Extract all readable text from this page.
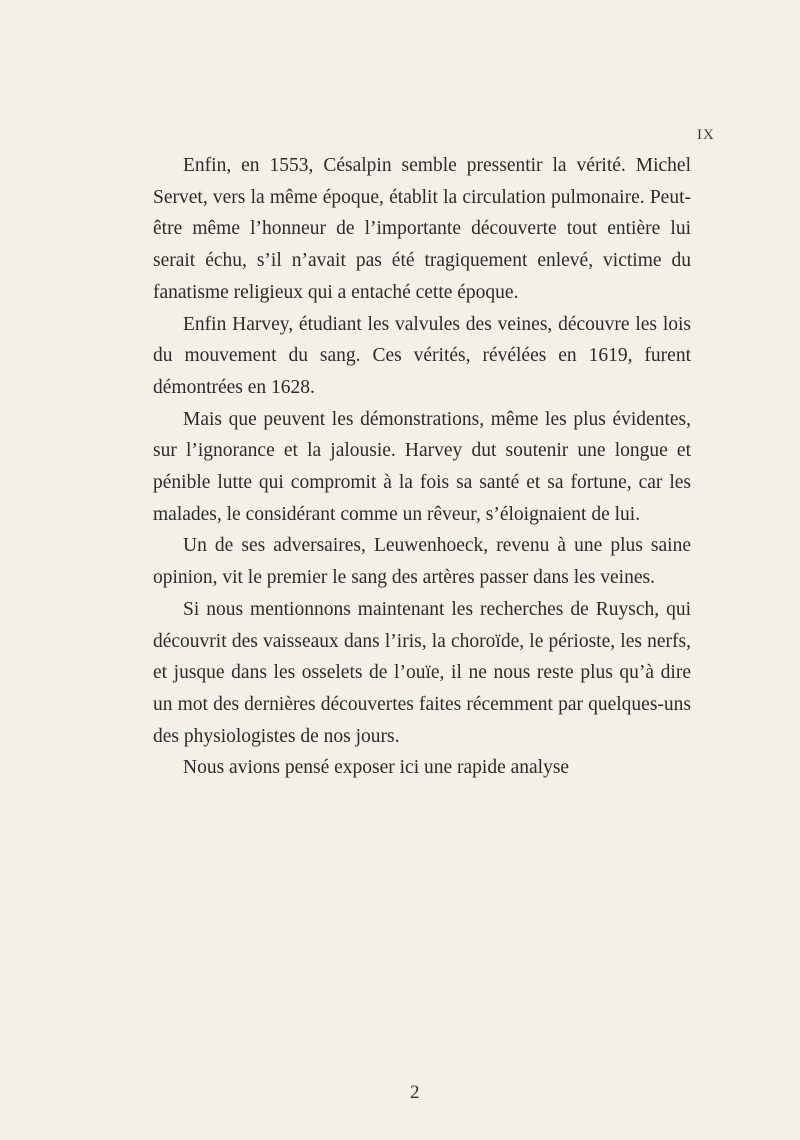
IX

Enfin, en 1553, Césalpin semble pressentir la vérité. Michel Servet, vers la même époque, établit la circulation pulmonaire. Peut-être même l’honneur de l’importante découverte tout entière lui serait échu, s’il n’avait pas été tragiquement enlevé, victime du fanatisme religieux qui a entaché cette époque.

Enfin Harvey, étudiant les valvules des veines, découvre les lois du mouvement du sang. Ces vérités, révélées en 1619, furent démontrées en 1628.

Mais que peuvent les démonstrations, même les plus évidentes, sur l’ignorance et la jalousie. Harvey dut soutenir une longue et pénible lutte qui compromit à la fois sa santé et sa fortune, car les malades, le considérant comme un rêveur, s’éloignaient de lui.

Un de ses adversaires, Leuwenhoeck, revenu à une plus saine opinion, vit le premier le sang des artères passer dans les veines.

Si nous mentionnons maintenant les recherches de Ruysch, qui découvrit des vaisseaux dans l’iris, la choroïde, le périoste, les nerfs, et jusque dans les osselets de l’ouïe, il ne nous reste plus qu’à dire un mot des dernières découvertes faites récemment par quelques-uns des physiologistes de nos jours.

Nous avions pensé exposer ici une rapide analyse

2
